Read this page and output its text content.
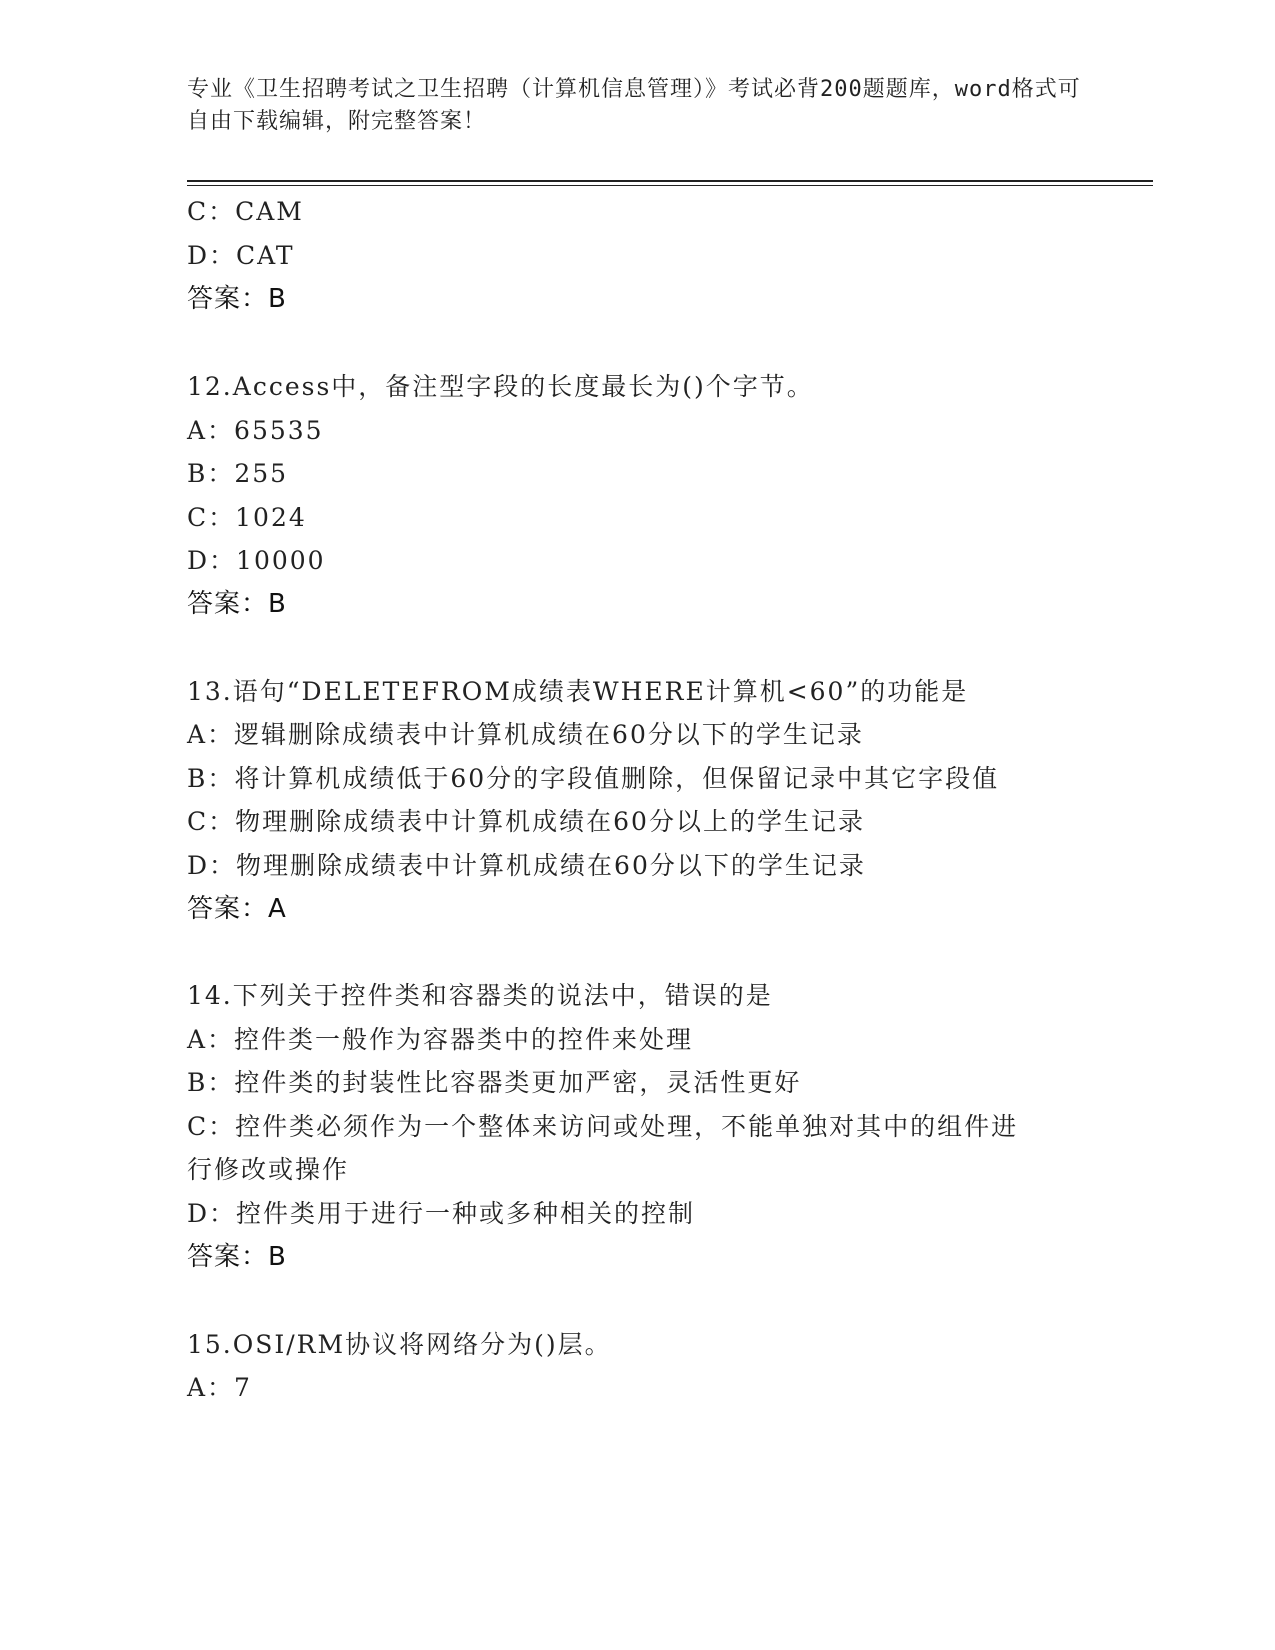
专业《卫生招聘考试之卫生招聘（计算机信息管理）》考试必背200题题库，word格式可自由下载编辑，附完整答案！
C：CAM
D：CAT
答案：B
12.Access中，备注型字段的长度最长为()个字节。
A：65535
B：255
C：1024
D：10000
答案：B
13.语句“DELETEFROM成绩表WHERE计算机<60”的功能是
A：逻辑删除成绩表中计算机成绩在60分以下的学生记录
B：将计算机成绩低于60分的字段值删除，但保留记录中其它字段值
C：物理删除成绩表中计算机成绩在60分以上的学生记录
D：物理删除成绩表中计算机成绩在60分以下的学生记录
答案：A
14.下列关于控件类和容器类的说法中，错误的是
A：控件类一般作为容器类中的控件来处理
B：控件类的封装性比容器类更加严密，灵活性更好
C：控件类必须作为一个整体来访问或处理，不能单独对其中的组件进
行修改或操作
D：控件类用于进行一种或多种相关的控制
答案：B
15.OSI/RM协议将网络分为()层。
A：7
